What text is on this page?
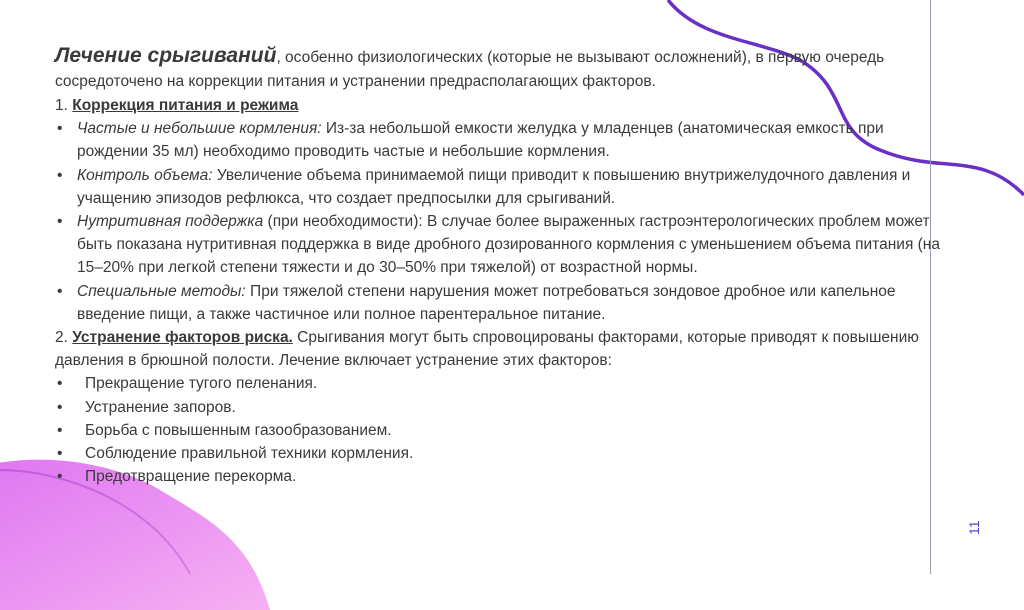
11
Лечение срыгиваний, особенно физиологических (которые не вызывают осложнений), в первую очередь сосредоточено на коррекции питания и устранении предрасполагающих факторов.
1. Коррекция питания и режима
• Частые и небольшие кормления: Из-за небольшой емкости желудка у младенцев (анатомическая емкость при рождении 35 мл) необходимо проводить частые и небольшие кормления.
• Контроль объема: Увеличение объема принимаемой пищи приводит к повышению внутрижелудочного давления и учащению эпизодов рефлюкса, что создает предпосылки для срыгиваний.
• Нутритивная поддержка (при необходимости): В случае более выраженных гастроэнтерологических проблем может быть показана нутритивная поддержка в виде дробного дозированного кормления с уменьшением объема питания (на 15–20% при легкой степени тяжести и до 30–50% при тяжелой) от возрастной нормы.
• Специальные методы: При тяжелой степени нарушения может потребоваться зондовое дробное или капельное введение пищи, а также частичное или полное парентеральное питание.
2. Устранение факторов риска. Срыгивания могут быть спровоцированы факторами, которые приводят к повышению давления в брюшной полости. Лечение включает устранение этих факторов:
• Прекращение тугого пеленания.
• Устранение запоров.
• Борьба с повышенным газообразованием.
• Соблюдение правильной техники кормления.
• Предотвращение перекорма.
